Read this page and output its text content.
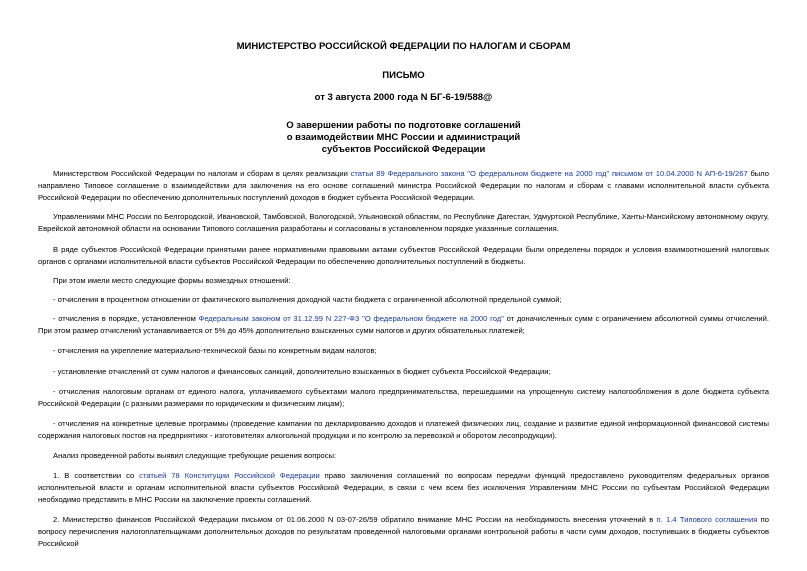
МИНИСТЕРСТВО РОССИЙСКОЙ ФЕДЕРАЦИИ ПО НАЛОГАМ И СБОРАМ
ПИСЬМО
от 3 августа 2000 года N БГ-6-19/588@
О завершении работы по подготовке соглашений
о взаимодействии МНС России и администраций
субъектов Российской Федерации
Министерством Российской Федерации по налогам и сборам в целях реализации статьи 89 Федерального закона "О федеральном бюджете на 2000 год" письмом от 10.04.2000 N АП-6-19/267 было направлено Типовое соглашение о взаимодействии для заключения на его основе соглашений министра Российской Федерации по налогам и сборам с главами исполнительной власти субъекта Российской Федерации по обеспечению дополнительных поступлений доходов в бюджет субъекта Российской Федерации.
Управлениями МНС России по Белгородской, Ивановской, Тамбовской, Вологодской, Ульяновской областям, по Республике Дагестан, Удмуртской Республике, Ханты-Мансийскому автономному округу, Еврейской автономной области на основании Типового соглашения разработаны и согласованы в установленном порядке указанные соглашения.
В ряде субъектов Российской Федерации принятыми ранее нормативными правовыми актами субъектов Российской Федерации были определены порядок и условия взаимоотношений налоговых органов с органами исполнительной власти субъектов Российской Федерации по обеспечению дополнительных поступлений в бюджеты.
При этом имели место следующие формы возмездных отношений:
- отчисления в процентном отношении от фактического выполнения доходной части бюджета с ограниченной абсолютной предельной суммой;
- отчисления в порядке, установленном Федеральным законом от 31.12.99 N 227-ФЗ "О федеральном бюджете на 2000 год" от доначисленных сумм с ограничением абсолютной суммы отчислений. При этом размер отчислений устанавливается от 5% до 45% дополнительно взысканных сумм налогов и других обязательных платежей;
- отчисления на укрепление материально-технической базы по конкретным видам налогов;
- установление отчислений от сумм налогов и финансовых санкций, дополнительно взысканных в бюджет субъекта Российской Федерации;
- отчисления налоговым органам от единого налога, уплачиваемого субъектами малого предпринимательства, перешедшими на упрощенную систему налогообложения в доле бюджета субъекта Российской Федерации (с разными размерами по юридическим и физическим лицам);
- отчисления на конкретные целевые программы (проведение кампании по декларированию доходов и платежей физических лиц, создание и развитие единой информационной финансовой системы содержания налоговых постов на предприятиях - изготовителях алкогольной продукции и по контролю за перевозкой и оборотом лесопродукции).
Анализ проведенной работы выявил следующие требующие решения вопросы:
1. В соответствии со статьей 78 Конституции Российской Федерации право заключения соглашений по вопросам передачи функций предоставлено руководителям федеральных органов исполнительной власти и органам исполнительной власти субъектов Российской Федерации, в связи с чем всем без исключения Управлениям МНС России по субъектам Российской Федерации необходимо представить в МНС России на заключение проекты соглашений.
2. Министерство финансов Российской Федерации письмом от 01.06.2000 N 03-07-26/59 обратило внимание МНС России на необходимость внесения уточнений в п. 1.4 Типового соглашения по вопросу перечисления налогоплательщиками дополнительных доходов по результатам проведенной налоговыми органами контрольной работы в части сумм доходов, поступивших в бюджеты субъектов Российской
